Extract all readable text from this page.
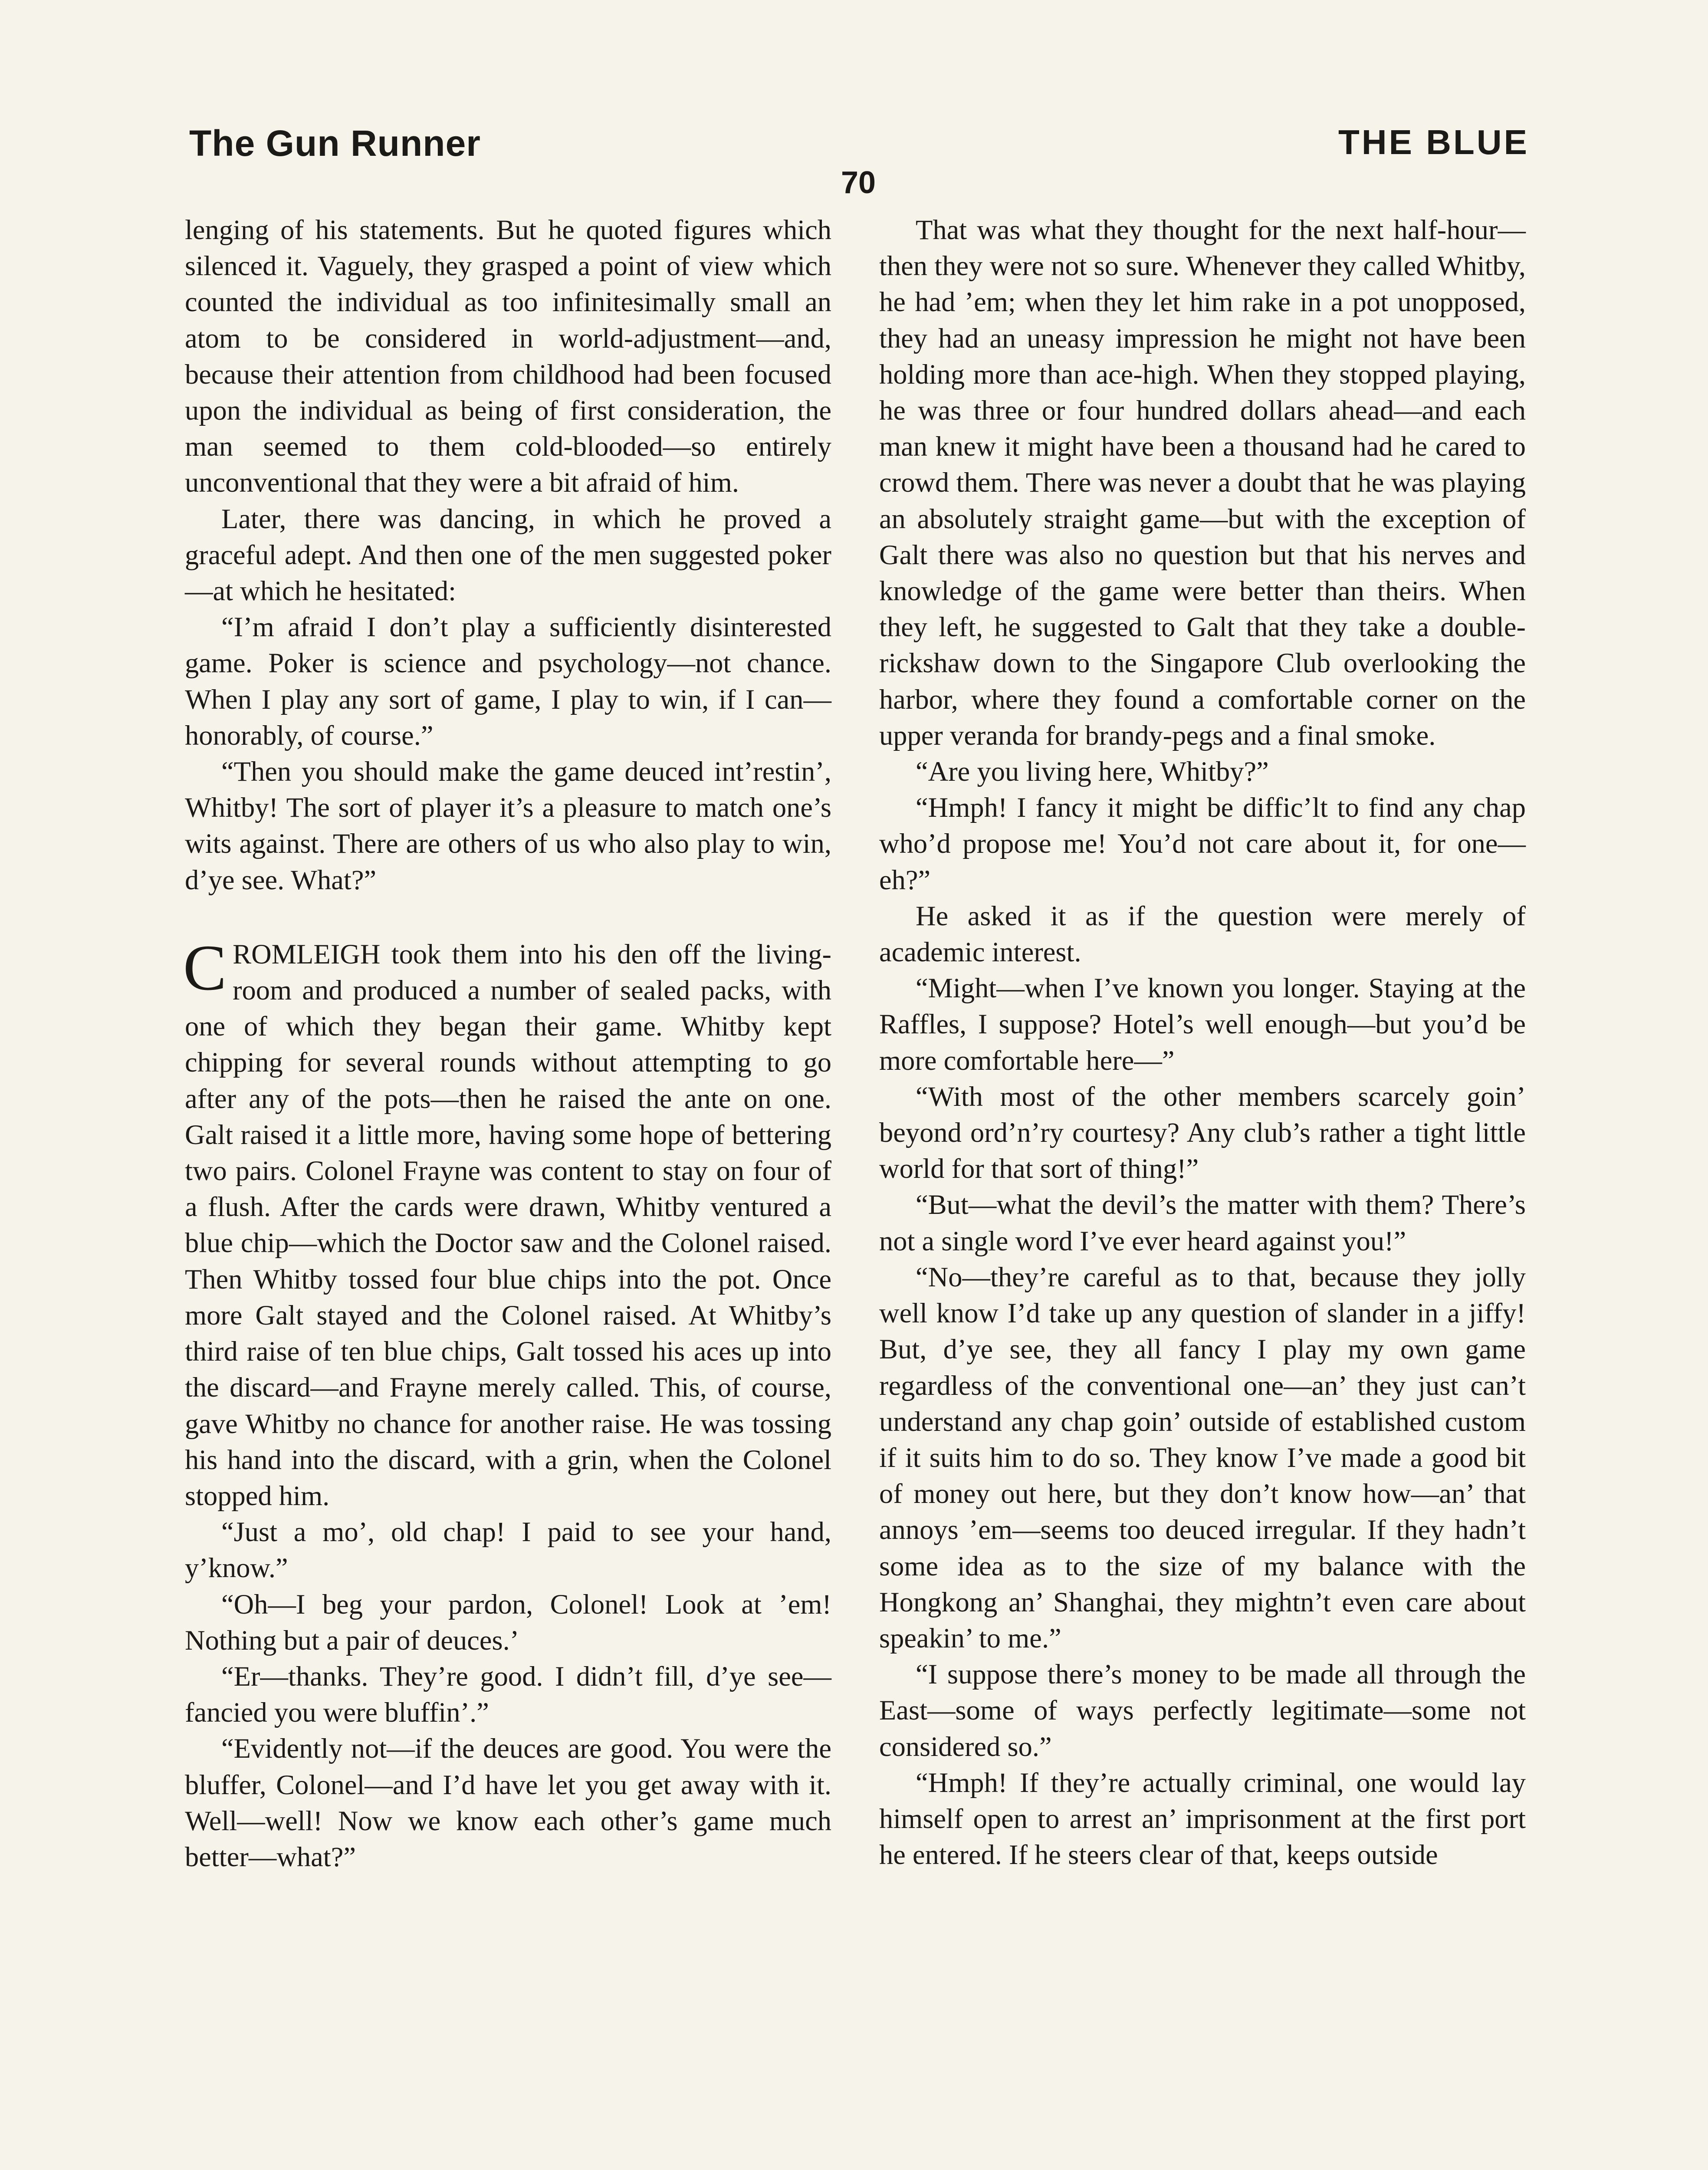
The Gun Runner	THE BLUE
70

lenging of his statements. But he quoted figures which silenced it. Vaguely, they grasped a point of view which counted the individual as too infinitesimally small an atom to be considered in world-adjustment—and, because their attention from childhood had been focused upon the individual as being of first consideration, the man seemed to them cold-blooded—so entirely unconventional that they were a bit afraid of him.

Later, there was dancing, in which he proved a graceful adept. And then one of the men suggested poker—at which he hesitated:

“I’m afraid I don’t play a sufficiently disinterested game. Poker is science and psychology—not chance. When I play any sort of game, I play to win, if I can—honorably, of course.”

“Then you should make the game deuced int’restin’, Whitby! The sort of player it’s a pleasure to match one’s wits against. There are others of us who also play to win, d’ye see. What?”

CROMLEIGH took them into his den off the living-room and produced a number of sealed packs, with one of which they began their game. Whitby kept chipping for several rounds without attempting to go after any of the pots—then he raised the ante on one. Galt raised it a little more, having some hope of bettering two pairs. Colonel Frayne was content to stay on four of a flush. After the cards were drawn, Whitby ventured a blue chip—which the Doctor saw and the Colonel raised. Then Whitby tossed four blue chips into the pot. Once more Galt stayed and the Colonel raised. At Whitby’s third raise of ten blue chips, Galt tossed his aces up into the discard—and Frayne merely called. This, of course, gave Whitby no chance for another raise. He was tossing his hand into the discard, with a grin, when the Colonel stopped him.

“Just a mo’, old chap! I paid to see your hand, y’know.”

“Oh—I beg your pardon, Colonel! Look at ’em! Nothing but a pair of deuces.’

“Er—thanks. They’re good. I didn’t fill, d’ye see—fancied you were bluffin’.”

“Evidently not—if the deuces are good. You were the bluffer, Colonel—and I’d have let you get away with it. Well—well! Now we know each other’s game much better—what?”

That was what they thought for the next half-hour—then they were not so sure. Whenever they called Whitby, he had ’em; when they let him rake in a pot unopposed, they had an uneasy impression he might not have been holding more than ace-high. When they stopped playing, he was three or four hundred dollars ahead—and each man knew it might have been a thousand had he cared to crowd them. There was never a doubt that he was playing an absolutely straight game—but with the exception of Galt there was also no question but that his nerves and knowledge of the game were better than theirs. When they left, he suggested to Galt that they take a double-rickshaw down to the Singapore Club overlooking the harbor, where they found a comfortable corner on the upper veranda for brandy-pegs and a final smoke.

“Are you living here, Whitby?”

“Hmph! I fancy it might be diffic’lt to find any chap who’d propose me! You’d not care about it, for one—eh?”

He asked it as if the question were merely of academic interest.

“Might—when I’ve known you longer. Staying at the Raffles, I suppose? Hotel’s well enough—but you’d be more comfortable here—”

“With most of the other members scarcely goin’ beyond ord’n’ry courtesy? Any club’s rather a tight little world for that sort of thing!”

“But—what the devil’s the matter with them? There’s not a single word I’ve ever heard against you!”

“No—they’re careful as to that, because they jolly well know I’d take up any question of slander in a jiffy! But, d’ye see, they all fancy I play my own game regardless of the conventional one—an’ they just can’t understand any chap goin’ outside of established custom if it suits him to do so. They know I’ve made a good bit of money out here, but they don’t know how—an’ that annoys ’em—seems too deuced irregular. If they hadn’t some idea as to the size of my balance with the Hongkong an’ Shanghai, they mightn’t even care about speakin’ to me.”

“I suppose there’s money to be made all through the East—some of ways perfectly legitimate—some not considered so.”

“Hmph! If they’re actually criminal, one would lay himself open to arrest an’ imprisonment at the first port he entered. If he steers clear of that, keeps outside
